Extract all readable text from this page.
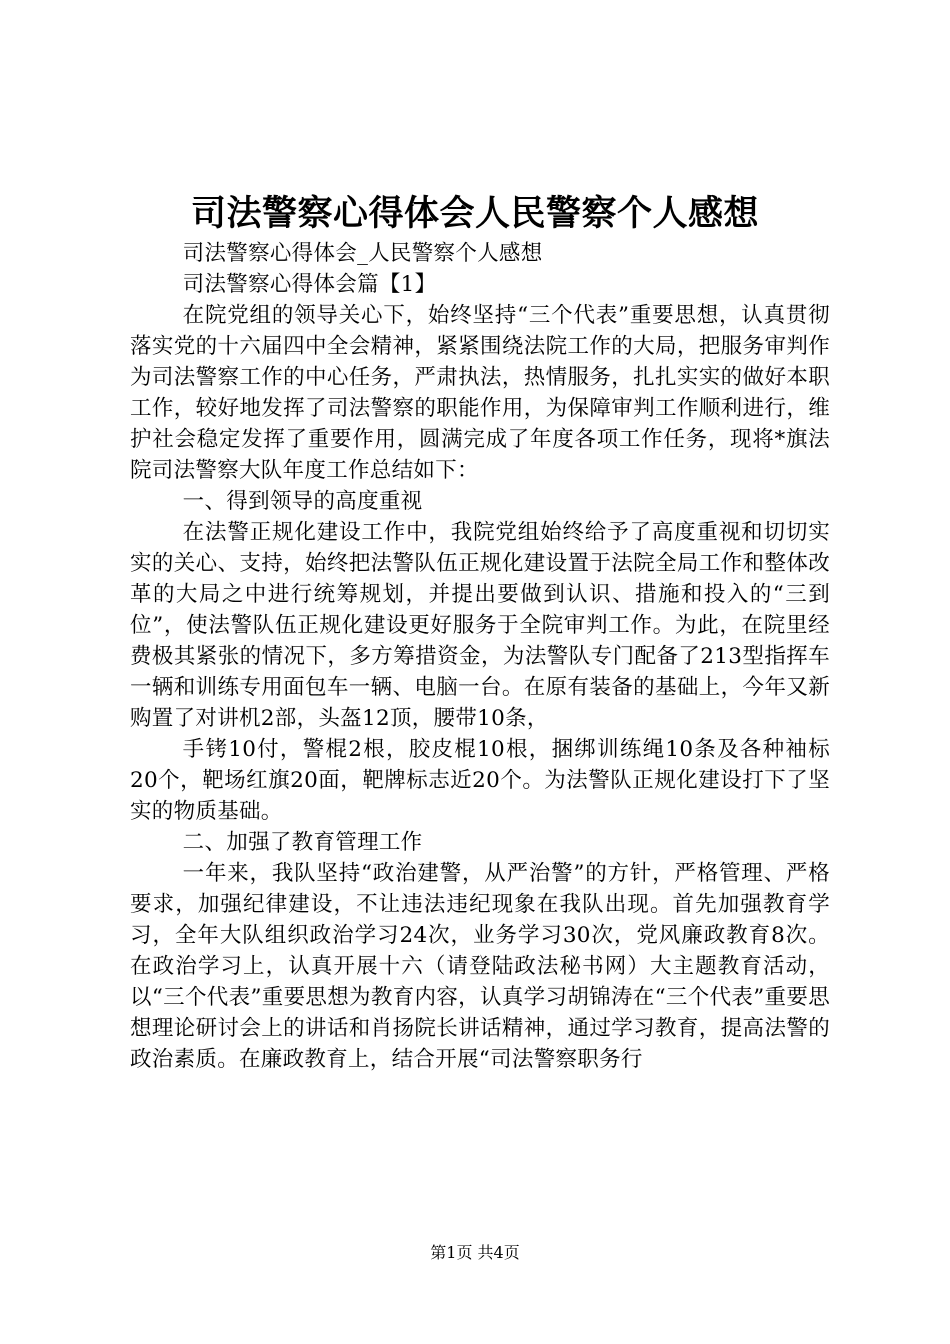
司法警察心得体会人民警察个人感想

司法警察心得体会_人民警察个人感想

司法警察心得体会篇【1】

在院党组的领导关心下，始终坚持“三个代表”重要思想，认真贯彻落实党的十六届四中全会精神，紧紧围绕法院工作的大局，把服务审判作为司法警察工作的中心任务，严肃执法，热情服务，扎扎实实的做好本职工作，较好地发挥了司法警察的职能作用，为保障审判工作顺利进行，维护社会稳定发挥了重要作用，圆满完成了年度各项工作任务，现将*旗法院司法警察大队年度工作总结如下：

一、得到领导的高度重视

在法警正规化建设工作中，我院党组始终给予了高度重视和切切实实的关心、支持，始终把法警队伍正规化建设置于法院全局工作和整体改革的大局之中进行统筹规划，并提出要做到认识、措施和投入的“三到位”，使法警队伍正规化建设更好服务于全院审判工作。为此，在院里经费极其紧张的情况下，多方筹措资金，为法警队专门配备了213型指挥车一辆和训练专用面包车一辆、电脑一台。在原有装备的基础上，今年又新购置了对讲机2部，头盔12顶，腰带10条，

手铐10付，警棍2根，胶皮棍10根，捆绑训练绳10条及各种袖标20个，靶场红旗20面，靶牌标志近20个。为法警队正规化建设打下了坚实的物质基础。

二、加强了教育管理工作

一年来，我队坚持“政治建警，从严治警”的方针，严格管理、严格要求，加强纪律建设，不让违法违纪现象在我队出现。首先加强教育学习，全年大队组织政治学习24次，业务学习30次，党风廉政教育8次。在政治学习上，认真开展十六（请登陆政法秘书网）大主题教育活动，以“三个代表”重要思想为教育内容，认真学习胡锦涛在“三个代表”重要思想理论研讨会上的讲话和肖扬院长讲话精神，通过学习教育，提高法警的政治素质。在廉政教育上，结合开展“司法警察职务行

第1页 共4页
